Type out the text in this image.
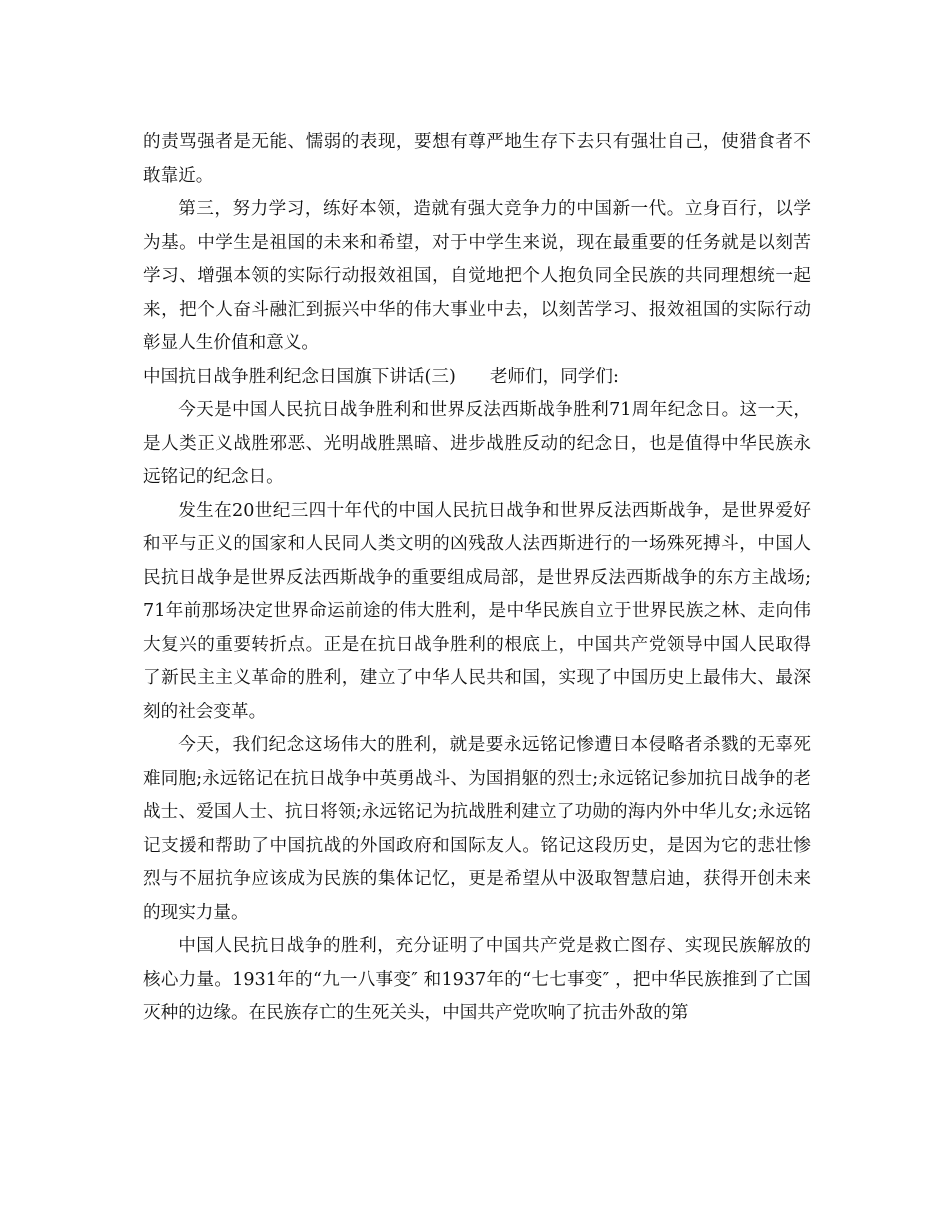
的责骂强者是无能、懦弱的表现，要想有尊严地生存下去只有强壮自己，使猎食者不敢靠近。

第三，努力学习，练好本领，造就有强大竞争力的中国新一代。立身百行，以学为基。中学生是祖国的未来和希望，对于中学生来说，现在最重要的任务就是以刻苦学习、增强本领的实际行动报效祖国，自觉地把个人抱负同全民族的共同理想统一起来，把个人奋斗融汇到振兴中华的伟大事业中去，以刻苦学习、报效祖国的实际行动彰显人生价值和意义。

中国抗日战争胜利纪念日国旗下讲话(三) 老师们，同学们:

今天是中国人民抗日战争胜利和世界反法西斯战争胜利71周年纪念日。这一天，是人类正义战胜邪恶、光明战胜黑暗、进步战胜反动的纪念日，也是值得中华民族永远铭记的纪念日。

发生在20世纪三四十年代的中国人民抗日战争和世界反法西斯战争，是世界爱好和平与正义的国家和人民同人类文明的凶残敌人法西斯进行的一场殊死搏斗，中国人民抗日战争是世界反法西斯战争的重要组成局部，是世界反法西斯战争的东方主战场;71年前那场决定世界命运前途的伟大胜利，是中华民族自立于世界民族之林、走向伟大复兴的重要转折点。正是在抗日战争胜利的根底上，中国共产党领导中国人民取得了新民主主义革命的胜利，建立了中华人民共和国，实现了中国历史上最伟大、最深刻的社会变革。

今天，我们纪念这场伟大的胜利，就是要永远铭记惨遭日本侵略者杀戮的无辜死难同胞;永远铭记在抗日战争中英勇战斗、为国捐躯的烈士;永远铭记参加抗日战争的老战士、爱国人士、抗日将领;永远铭记为抗战胜利建立了功勋的海内外中华儿女;永远铭记支援和帮助了中国抗战的外国政府和国际友人。铭记这段历史，是因为它的悲壮惨烈与不屈抗争应该成为民族的集体记忆，更是希望从中汲取智慧启迪，获得开创未来的现实力量。

中国人民抗日战争的胜利，充分证明了中国共产党是救亡图存、实现民族解放的核心力量。1931年的“九一八事变″ 和1937年的“七七事变″ ，把中华民族推到了亡国灭种的边缘。在民族存亡的生死关头，中国共产党吹响了抗击外敌的第
